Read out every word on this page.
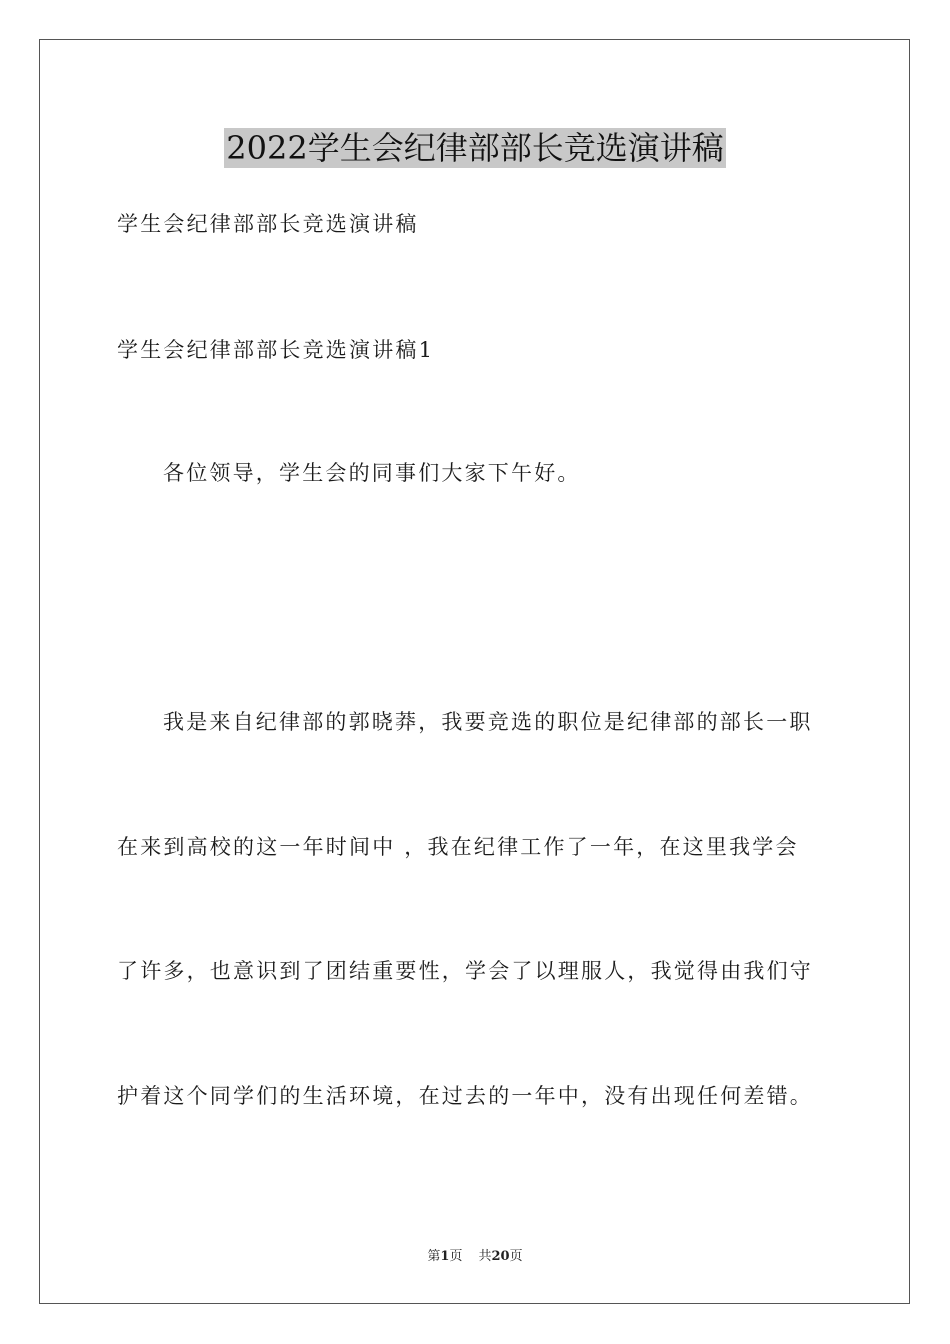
2022学生会纪律部部长竞选演讲稿
学生会纪律部部长竞选演讲稿
学生会纪律部部长竞选演讲稿1
各位领导，学生会的同事们大家下午好。
我是来自纪律部的郭晓莽，我要竞选的职位是纪律部的部长一职
在来到高校的这一年时间中 ，我在纪律工作了一年，在这里我学会
了许多，也意识到了团结重要性，学会了以理服人，我觉得由我们守
护着这个同学们的生活环境，在过去的一年中，没有出现任何差错。
第1页 共20页
